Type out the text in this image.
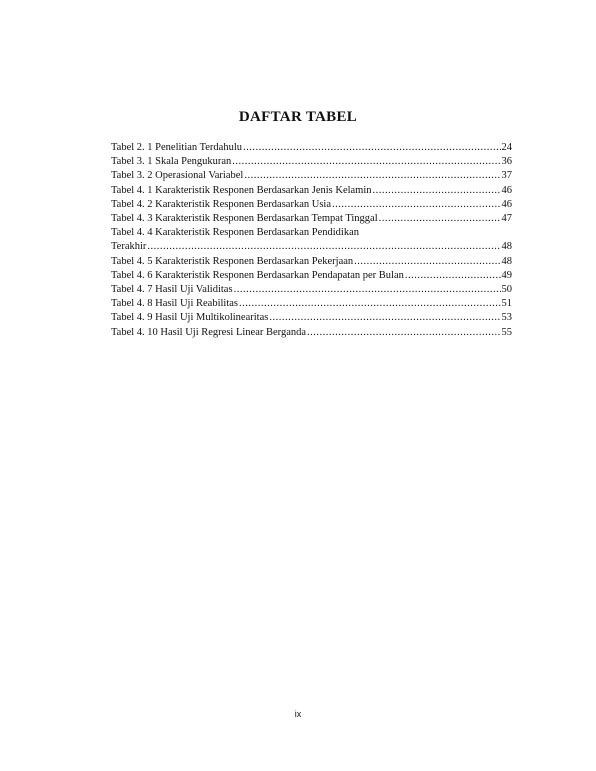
DAFTAR TABEL
Tabel 2. 1 Penelitian Terdahulu .....	24
Tabel 3. 1 Skala Pengukuran .....	36
Tabel 3. 2 Operasional Variabel .....	37
Tabel 4. 1 Karakteristik Responen Berdasarkan Jenis Kelamin .....	46
Tabel 4. 2 Karakteristik Responen Berdasarkan Usia .....	46
Tabel 4. 3 Karakteristik Responen Berdasarkan Tempat Tinggal .....	47
Tabel 4. 4 Karakteristik Responen Berdasarkan Pendidikan
Terakhir .....	48
Tabel 4. 5 Karakteristik Responen Berdasarkan Pekerjaan .....	48
Tabel 4. 6 Karakteristik Responen Berdasarkan Pendapatan per Bulan .....	49
Tabel 4. 7 Hasil Uji Validitas .....	50
Tabel 4. 8 Hasil Uji Reabilitas .....	51
Tabel 4. 9 Hasil Uji Multikolinearitas .....	53
Tabel 4. 10 Hasil Uji Regresi Linear Berganda .....	55
ix
